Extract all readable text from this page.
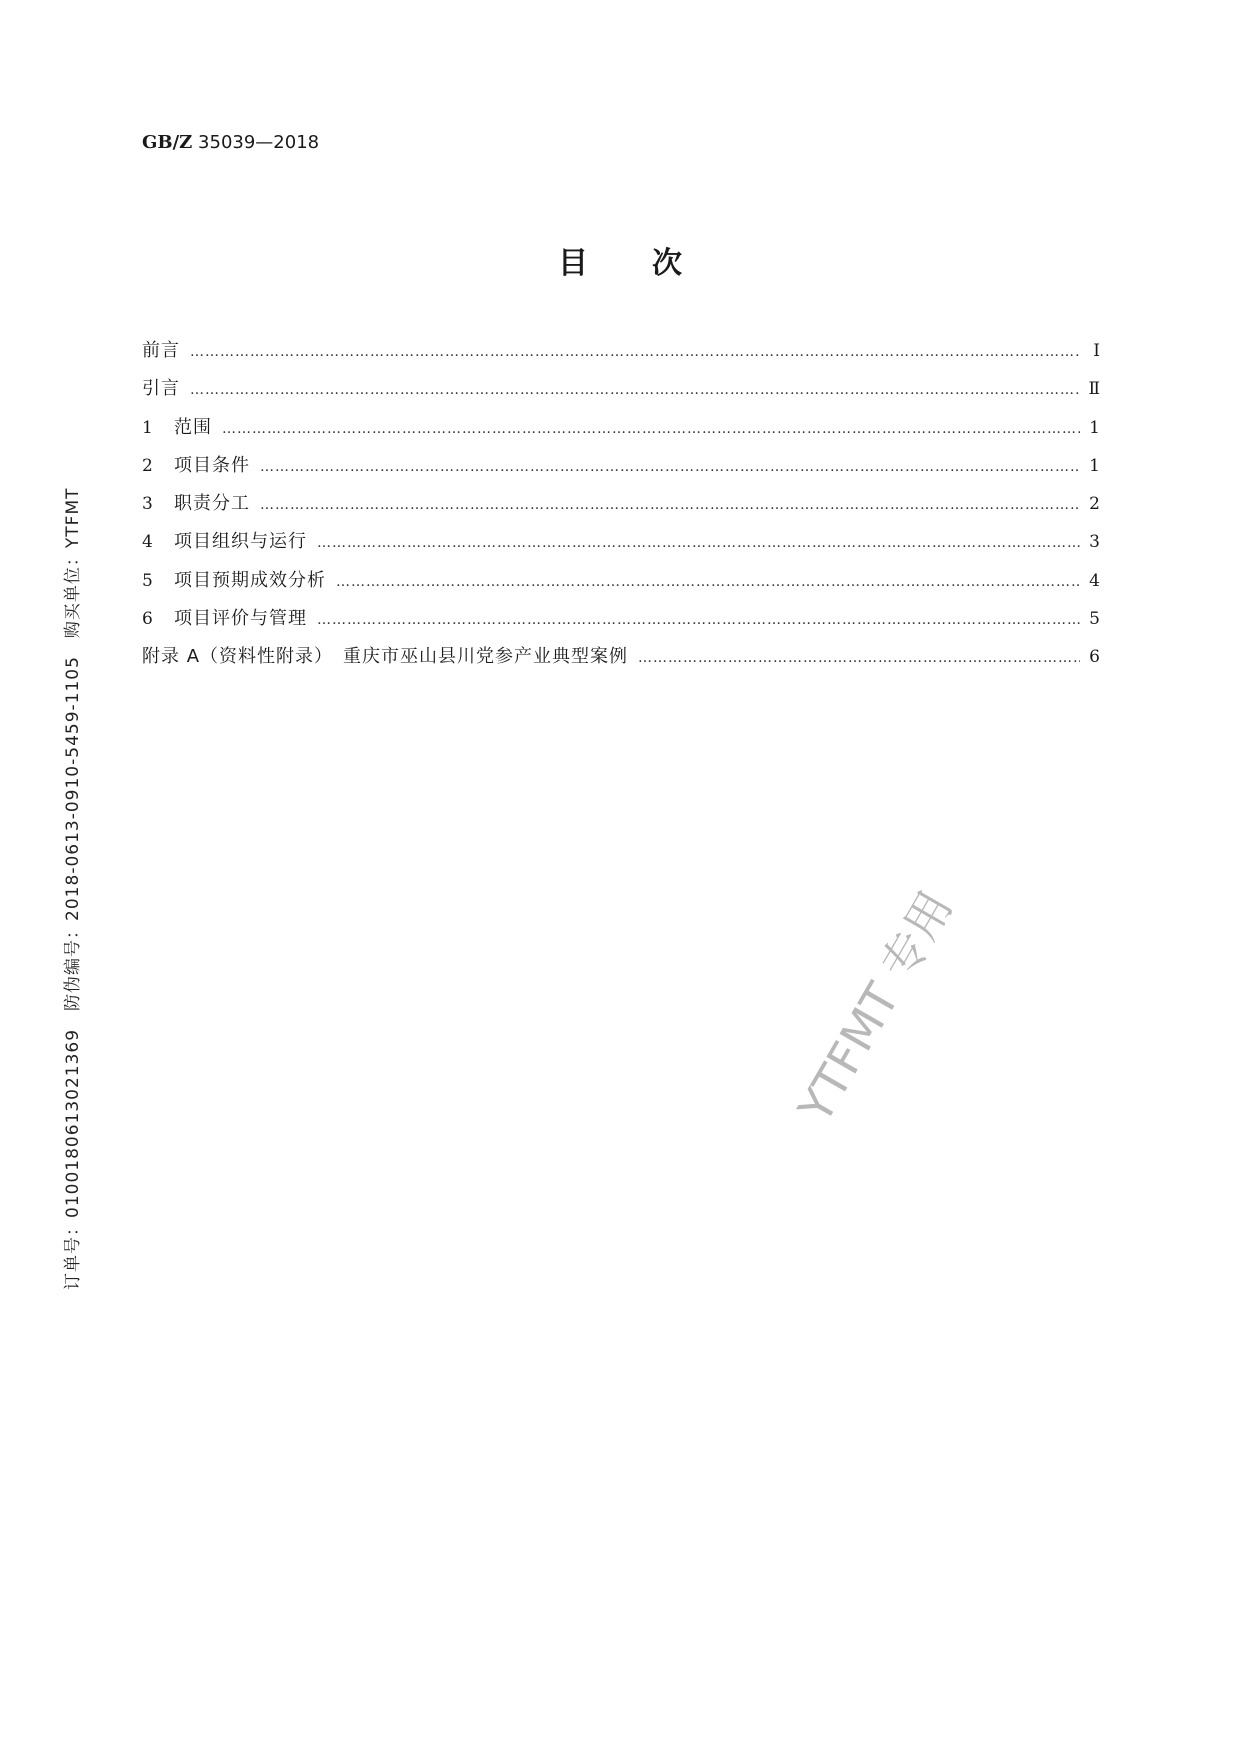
GB/Z 35039—2018
目次
前言 ………………………………………………………………………………………………………………………………………………………………………………………………………………………………………	Ⅰ
引言 ………………………………………………………………………………………………………………………………………………………………………………………………………………………………………	Ⅱ
1	范围 ………………………………………………………………………………………………………………………………………………………………………………………………………………………………………	1
2	项目条件 ………………………………………………………………………………………………………………………………………………………………………………………………………………………………………	1
3	职责分工 ………………………………………………………………………………………………………………………………………………………………………………………………………………………………………	2
4	项目组织与运行 ………………………………………………………………………………………………………………………………………………………………………………………………………………………………………	3
5	项目预期成效分析 ………………………………………………………………………………………………………………………………………………………………………………………………………………………………………	4
6	项目评价与管理 ………………………………………………………………………………………………………………………………………………………………………………………………………………………………………	5
附录 A（资料性附录）　重庆市巫山县川党参产业典型案例 ………………………………………………………………………………………………………………………………………………………………………………………………………………………………………	6
订单号：0100180613021369　防伪编号：2018-0613-0910-5459-1105　购买单位：YTFMT	YTFMT 专用
